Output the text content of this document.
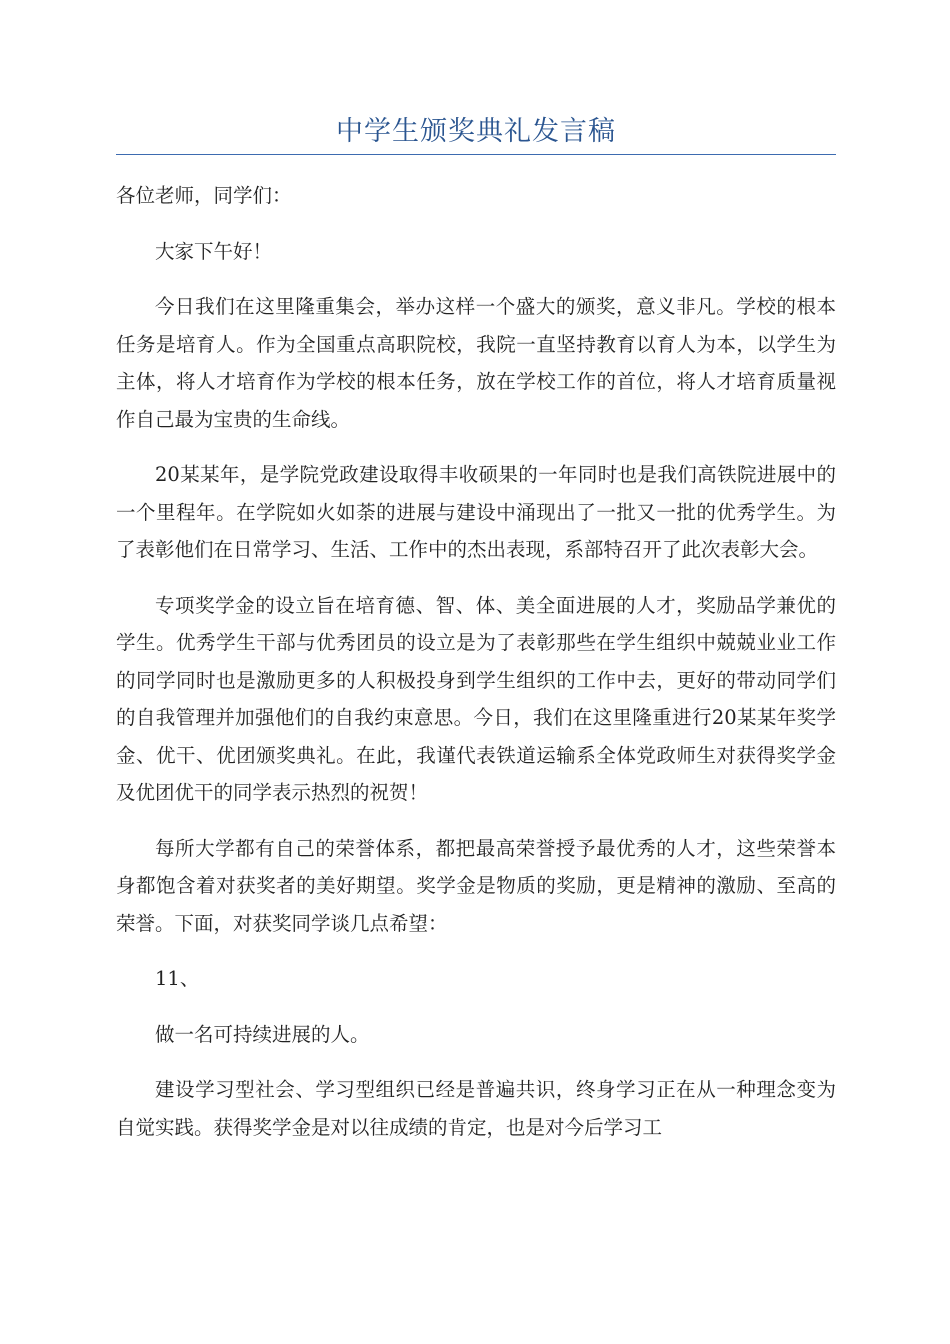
中学生颁奖典礼发言稿

各位老师，同学们：

大家下午好！

今日我们在这里隆重集会，举办这样一个盛大的颁奖，意义非凡。学校的根本任务是培育人。作为全国重点高职院校，我院一直坚持教育以育人为本，以学生为主体，将人才培育作为学校的根本任务，放在学校工作的首位，将人才培育质量视作自己最为宝贵的生命线。

20某某年，是学院党政建设取得丰收硕果的一年同时也是我们高铁院进展中的一个里程年。在学院如火如荼的进展与建设中涌现出了一批又一批的优秀学生。为了表彰他们在日常学习、生活、工作中的杰出表现，系部特召开了此次表彰大会。

专项奖学金的设立旨在培育德、智、体、美全面进展的人才，奖励品学兼优的学生。优秀学生干部与优秀团员的设立是为了表彰那些在学生组织中兢兢业业工作的同学同时也是激励更多的人积极投身到学生组织的工作中去，更好的带动同学们的自我管理并加强他们的自我约束意思。今日，我们在这里隆重进行20某某年奖学金、优干、优团颁奖典礼。在此，我谨代表铁道运输系全体党政师生对获得奖学金及优团优干的同学表示热烈的祝贺！

每所大学都有自己的荣誉体系，都把最高荣誉授予最优秀的人才，这些荣誉本身都饱含着对获奖者的美好期望。奖学金是物质的奖励，更是精神的激励、至高的荣誉。下面，对获奖同学谈几点希望：

11、

做一名可持续进展的人。

建设学习型社会、学习型组织已经是普遍共识，终身学习正在从一种理念变为自觉实践。获得奖学金是对以往成绩的肯定，也是对今后学习工
